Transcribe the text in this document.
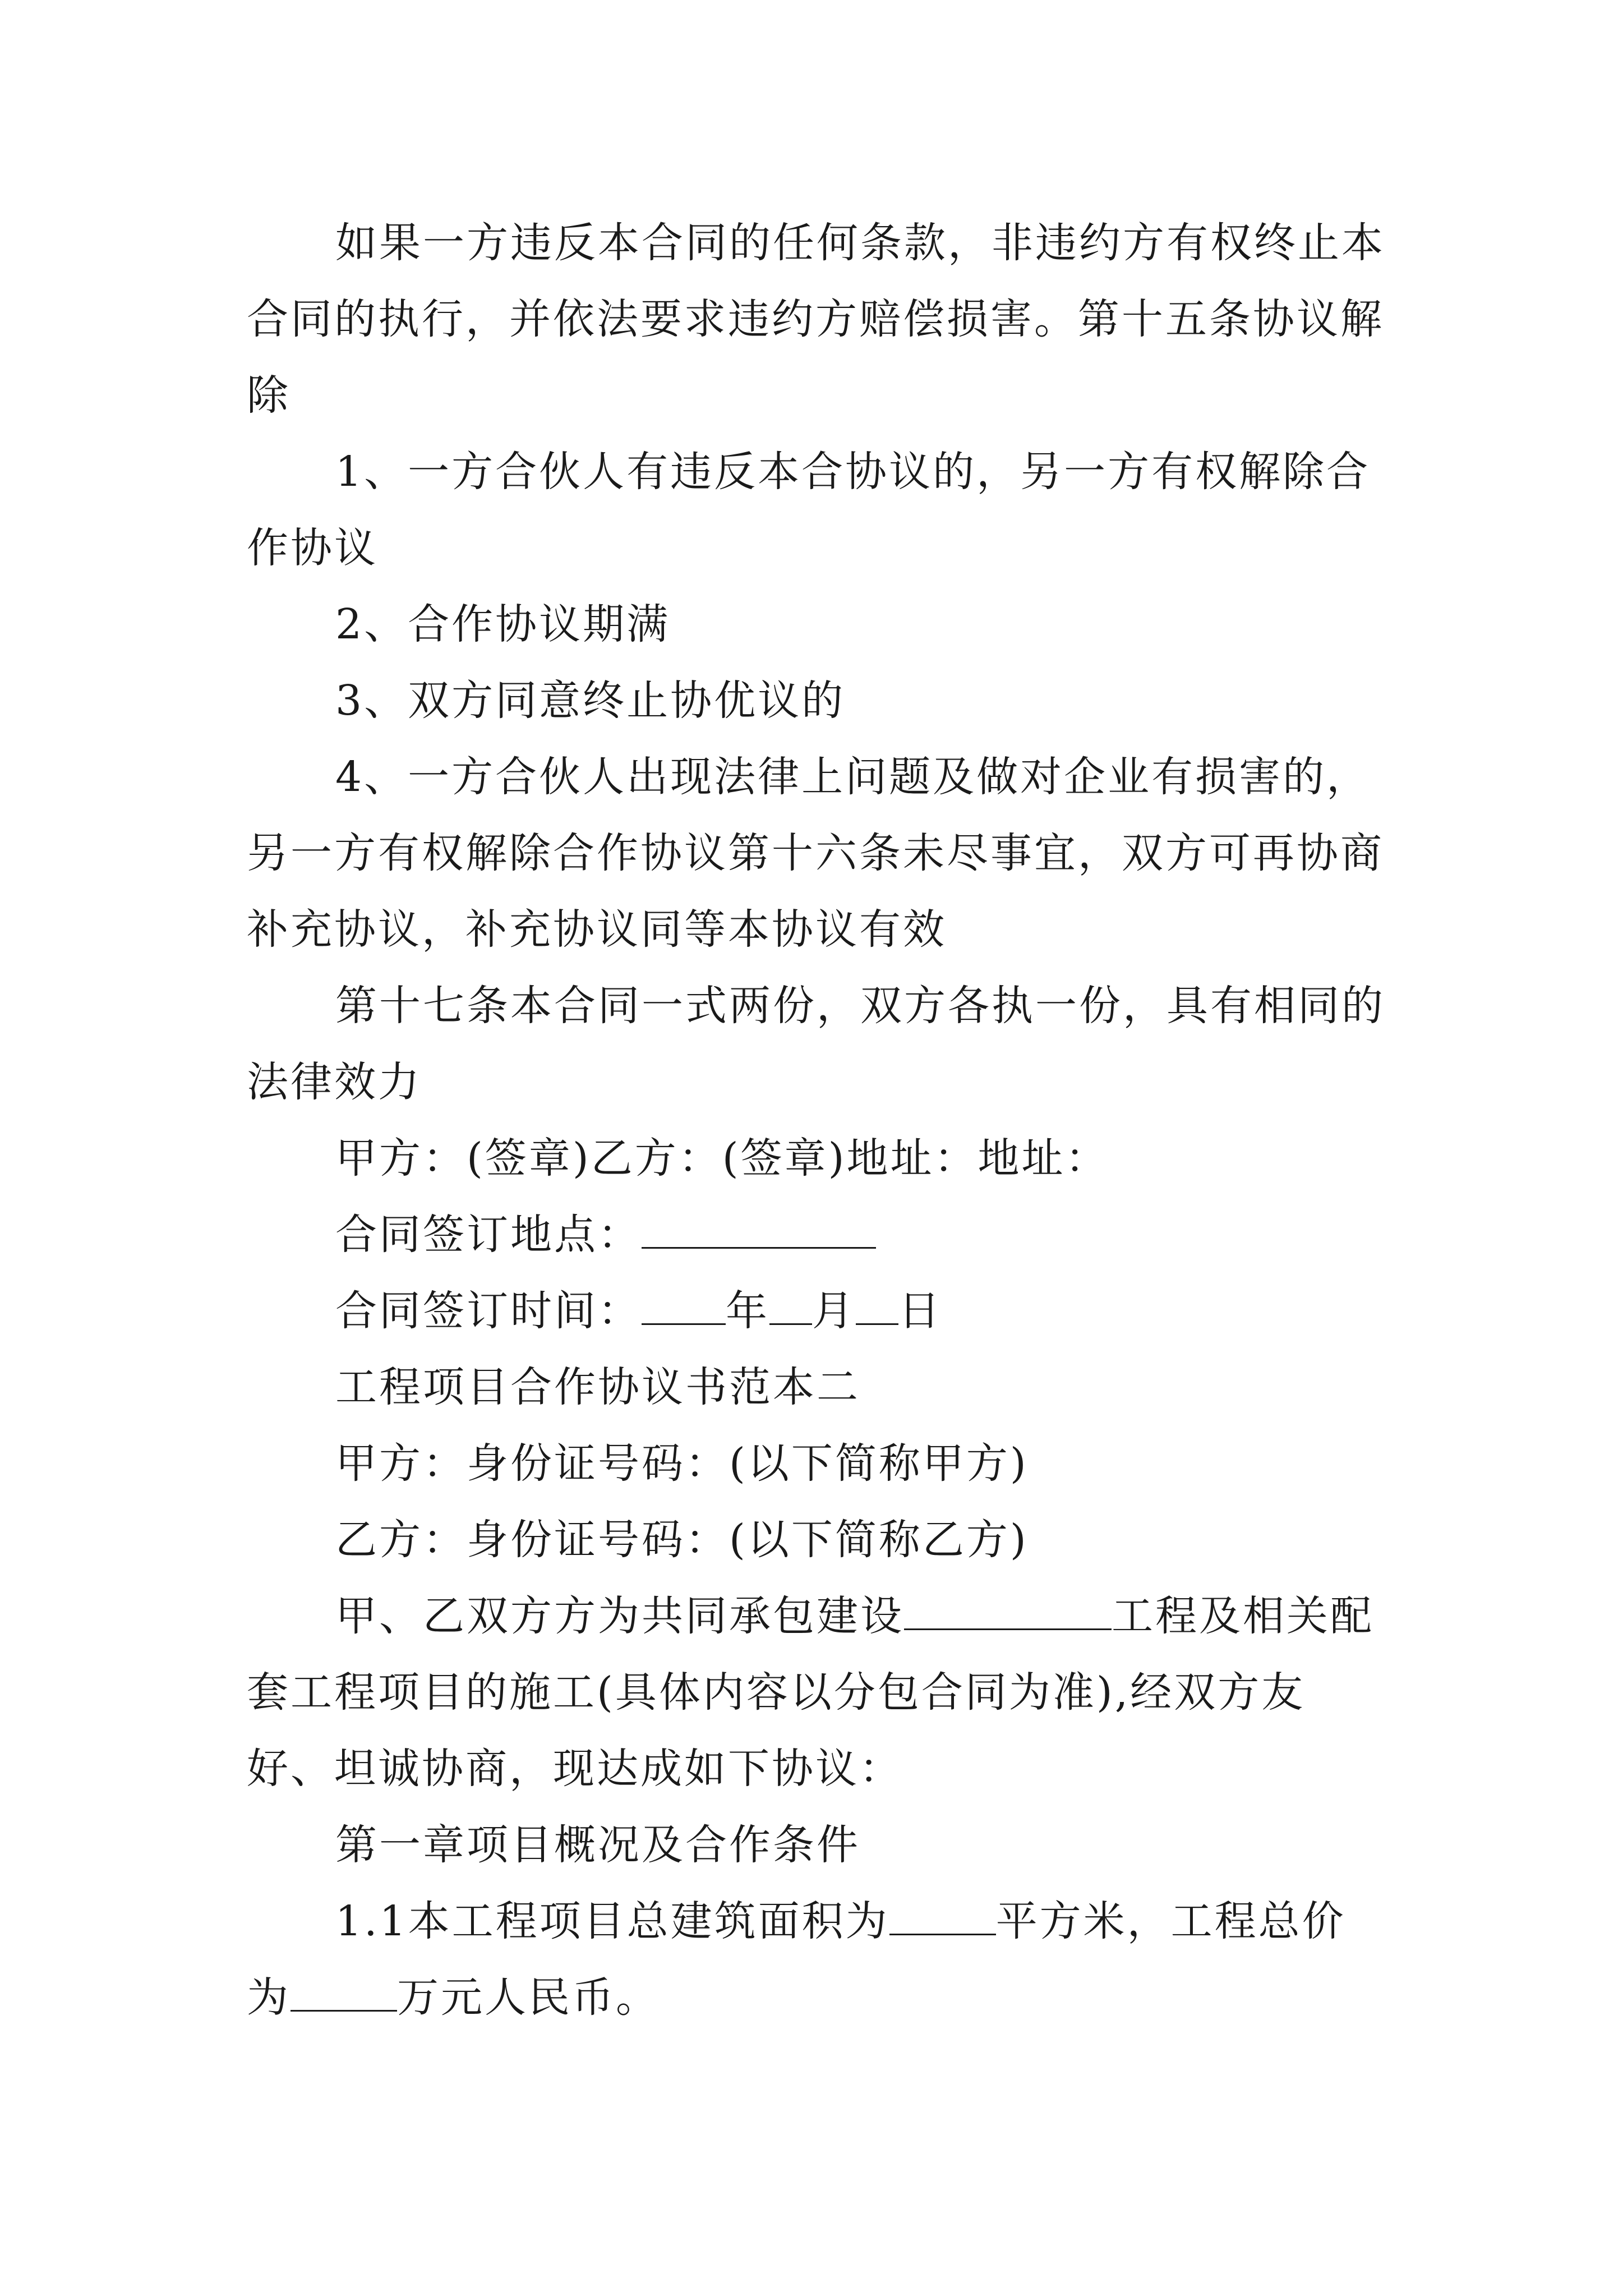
如果一方违反本合同的任何条款，非违约方有权终止本合同的执行，并依法要求违约方赔偿损害。第十五条协议解除

1、一方合伙人有违反本合协议的，另一方有权解除合作协议

2、合作协议期满

3、双方同意终止协优议的

4、一方合伙人出现法律上问题及做对企业有损害的，另一方有权解除合作协议第十六条未尽事宜，双方可再协商补充协议，补充协议同等本协议有效

第十七条本合同一式两份，双方各执一份，具有相同的法律效力

甲方：(签章)乙方：(签章)地址：地址：

合同签订地点：

合同签订时间： 年 月 日

工程项目合作协议书范本二

甲方：身份证号码：(以下简称甲方)

乙方：身份证号码：(以下简称乙方)

甲、乙双方方为共同承包建设	工程及相关配套工程项目的施工(具体内容以分包合同为准),经双方友好、坦诚协商，现达成如下协议：

第一章项目概况及合作条件

1.1本工程项目总建筑面积为	平方米，工程总价为	万元人民币。
